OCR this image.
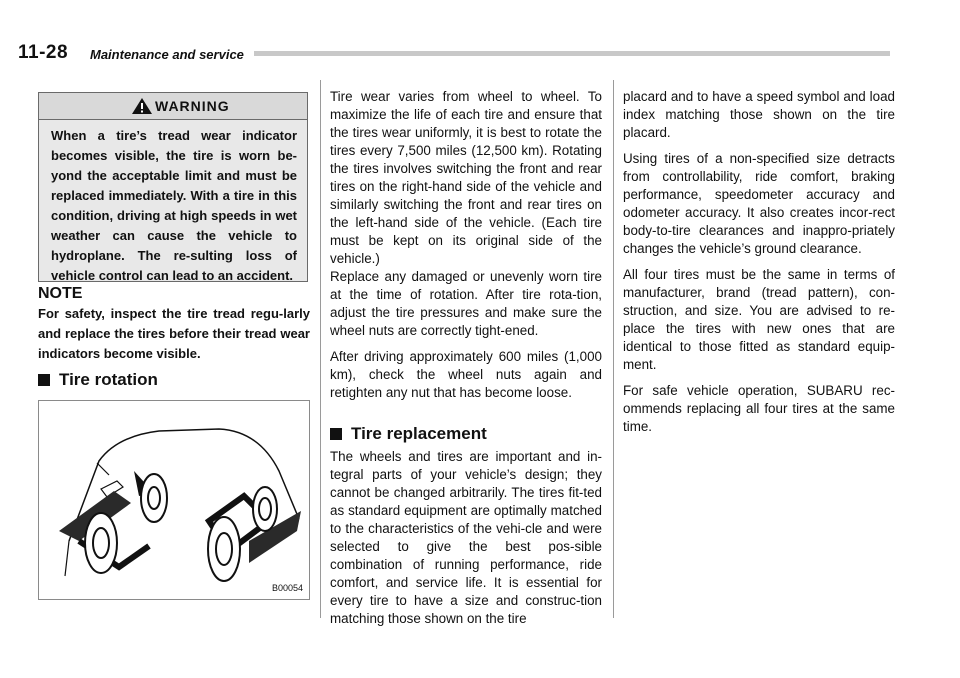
11-28 Maintenance and service
WARNING
When a tire’s tread wear indicator becomes visible, the tire is worn be-yond the acceptable limit and must be replaced immediately. With a tire in this condition, driving at high speeds in wet weather can cause the vehicle to hydroplane. The re-sulting loss of vehicle control can lead to an accident.
NOTE
For safety, inspect the tire tread regu-larly and replace the tires before their tread wear indicators become visible.
Tire rotation
B00054

Tire wear varies from wheel to wheel. To maximize the life of each tire and ensure that the tires wear uniformly, it is best to rotate the tires every 7,500 miles (12,500 km). Rotating the tires involves switching the front and rear tires on the right-hand side of the vehicle and similarly switching the front and rear tires on the left-hand side of the vehicle. (Each tire must be kept on its original side of the vehicle.)

Replace any damaged or unevenly worn tire at the time of rotation. After tire rota-tion, adjust the tire pressures and make sure the wheel nuts are correctly tight-ened.

After driving approximately 600 miles (1,000 km), check the wheel nuts again and retighten any nut that has become loose.

Tire replacement

The wheels and tires are important and in-tegral parts of your vehicle’s design; they cannot be changed arbitrarily. The tires fit-ted as standard equipment are optimally matched to the characteristics of the vehi-cle and were selected to give the best pos-sible combination of running performance, ride comfort, and service life. It is essential for every tire to have a size and construc-tion matching those shown on the tire

placard and to have a speed symbol and load index matching those shown on the tire placard.

Using tires of a non-specified size detracts from controllability, ride comfort, braking performance, speedometer accuracy and odometer accuracy. It also creates incor-rect body-to-tire clearances and inappro-priately changes the vehicle’s ground clearance.

All four tires must be the same in terms of manufacturer, brand (tread pattern), con-struction, and size. You are advised to re-place the tires with new ones that are identical to those fitted as standard equip-ment.

For safe vehicle operation, SUBARU rec-ommends replacing all four tires at the same time.
